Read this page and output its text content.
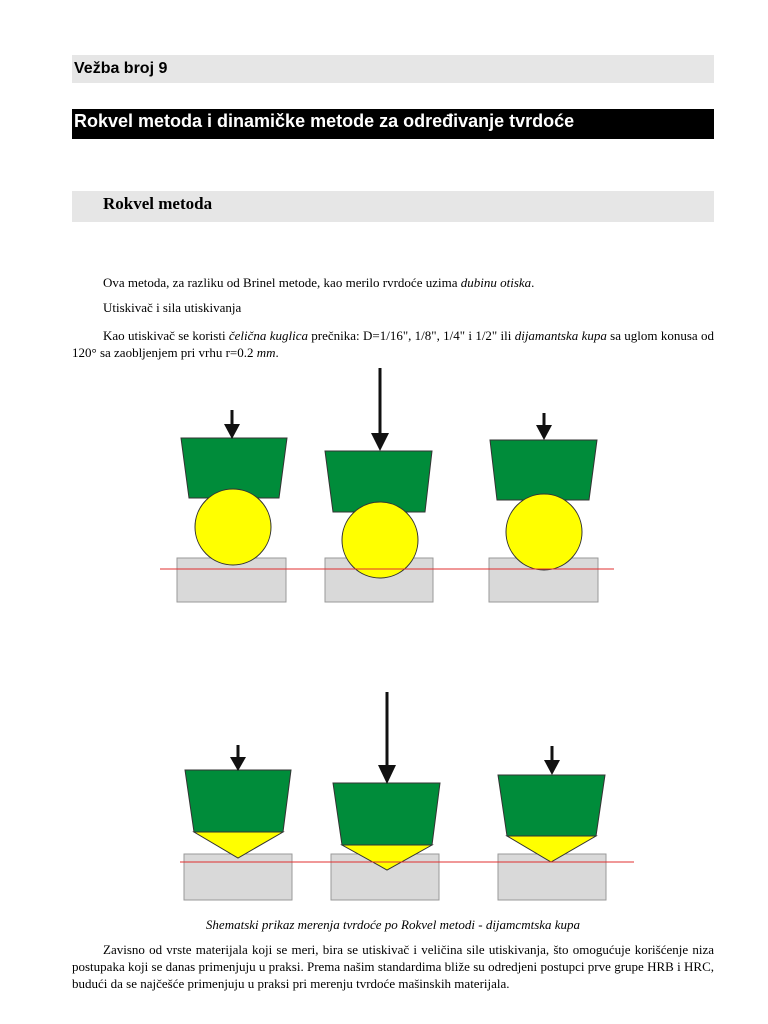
Vežba broj 9
Rokvel metoda i dinamičke metode za određivanje tvrdoće
Rokvel metoda

Ova metoda, za razliku od Brinel metode, kao merilo rvrdoće uzima dubinu otiska.

Utiskivač i sila utiskivanja

Kao utiskivač se koristi čelična kuglica prečnika: D=1/16", 1/8", 1/4" i 1/2" ili dijamantska kupa sa uglom konusa od 120° sa zaobljenjem pri vrhu r=0.2 mm.

Shematski prikaz merenja tvrdoće po Rokvel metodi - dijamcmtska kupa

Zavisno od vrste materijala koji se meri, bira se utiskivač i veličina sile utiskivanja, što omogućuje korišćenje niza postupaka koji se danas primenjuju u praksi. Prema našim standardima bliže su odredjeni postupci prve grupe HRB i HRC, budući da se najčešće primenjuju u praksi pri merenju tvrdoće mašinskih materijala.
